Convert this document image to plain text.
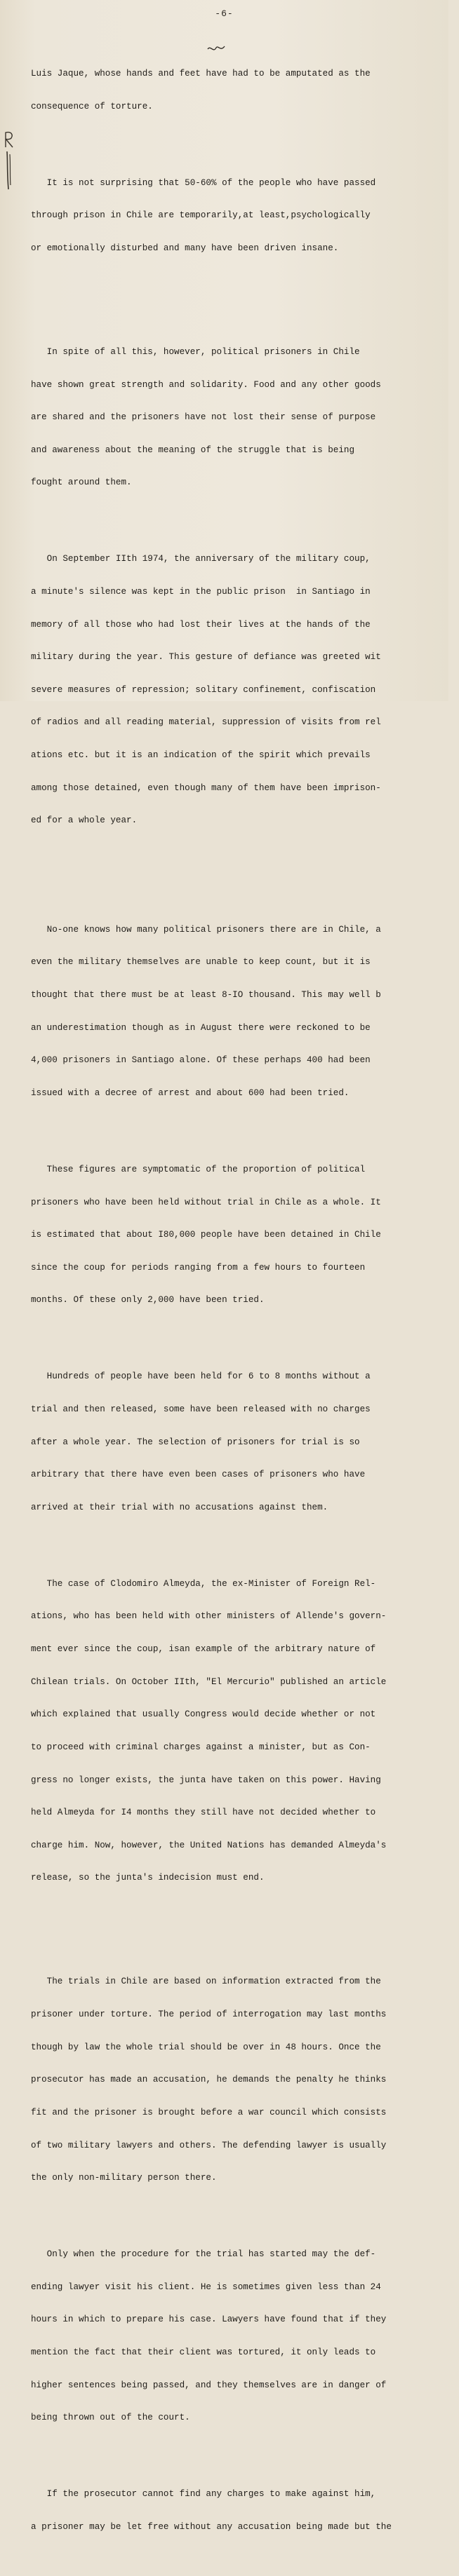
-6-

Luis Jaque, whose hands and feet have had to be amputated as the

consequence of torture.

It is not surprising that 50-60% of the people who have passed

through prison in Chile are temporarily,at least,psychologically

or emotionally disturbed and many have been driven insane.

In spite of all this, however, political prisoners in Chile

have shown great strength and solidarity. Food and any other goods

are shared and the prisoners have not lost their sense of purpose

and awareness about the meaning of the struggle that is being

fought around them.

On September IIth 1974, the anniversary of the military coup,

a minute's silence was kept in the public prison  in Santiago in

memory of all those who had lost their lives at the hands of the

military during the year. This gesture of defiance was greeted wit

severe measures of repression; solitary confinement, confiscation

of radios and all reading material, suppression of visits from rel

ations etc. but it is an indication of the spirit which prevails

among those detained, even though many of them have been imprison-

ed for a whole year.

No-one knows how many political prisoners there are in Chile, a

even the military themselves are unable to keep count, but it is

thought that there must be at least 8-IO thousand. This may well b

an underestimation though as in August there were reckoned to be

4,000 prisoners in Santiago alone. Of these perhaps 400 had been

issued with a decree of arrest and about 600 had been tried.

These figures are symptomatic of the proportion of political

prisoners who have been held without trial in Chile as a whole. It

is estimated that about I80,000 people have been detained in Chile

since the coup for periods ranging from a few hours to fourteen

months. Of these only 2,000 have been tried.

Hundreds of people have been held for 6 to 8 months without a

trial and then released, some have been released with no charges

after a whole year. The selection of prisoners for trial is so

arbitrary that there have even been cases of prisoners who have

arrived at their trial with no accusations against them.

The case of Clodomiro Almeyda, the ex-Minister of Foreign Rel-

ations, who has been held with other ministers of Allende's govern-

ment ever since the coup, isan example of the arbitrary nature of

Chilean trials. On October IIth, "El Mercurio" published an article

which explained that usually Congress would decide whether or not

to proceed with criminal charges against a minister, but as Con-

gress no longer exists, the junta have taken on this power. Having

held Almeyda for I4 months they still have not decided whether to

charge him. Now, however, the United Nations has demanded Almeyda's

release, so the junta's indecision must end.

The trials in Chile are based on information extracted from the

prisoner under torture. The period of interrogation may last months

though by law the whole trial should be over in 48 hours. Once the

prosecutor has made an accusation, he demands the penalty he thinks

fit and the prisoner is brought before a war council which consists

of two military lawyers and others. The defending lawyer is usually

the only non-military person there.

Only when the procedure for the trial has started may the def-

ending lawyer visit his client. He is sometimes given less than 24

hours in which to prepare his case. Lawyers have found that if they

mention the fact that their client was tortured, it only leads to

higher sentences being passed, and they themselves are in danger of

being thrown out of the court.

If the prosecutor cannot find any charges to make against him,

a prisoner may be let free without any accusation being made but the
